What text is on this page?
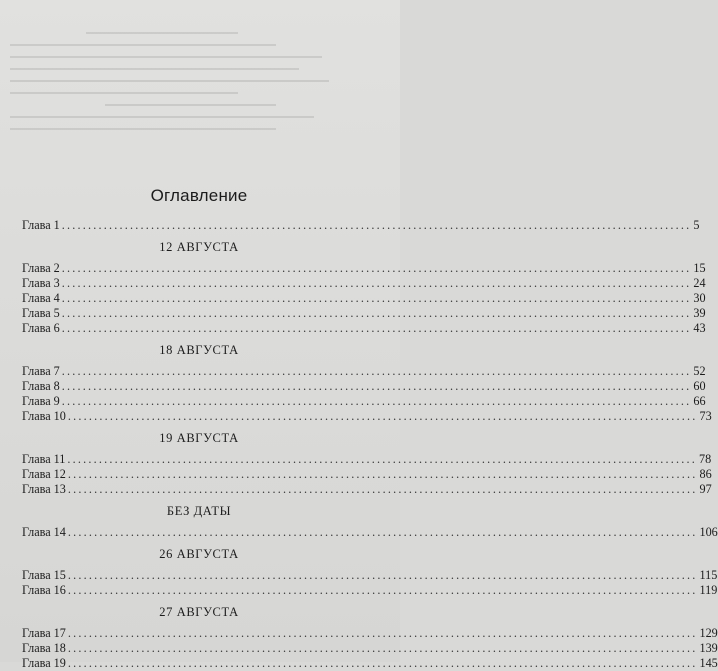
Оглавление
Глава 1 ........................................................................................................................ 5
12 АВГУСТА
Глава 2 ........................................................................................................................ 15
Глава 3 ........................................................................................................................ 24
Глава 4 ........................................................................................................................ 30
Глава 5 ........................................................................................................................ 39
Глава 6 ........................................................................................................................ 43
18 АВГУСТА
Глава 7 ........................................................................................................................ 52
Глава 8 ........................................................................................................................ 60
Глава 9 ........................................................................................................................ 66
Глава 10 ........................................................................................................................ 73
19 АВГУСТА
Глава 11 ........................................................................................................................ 78
Глава 12 ........................................................................................................................ 86
Глава 13 ........................................................................................................................ 97
БЕЗ ДАТЫ
Глава 14 ........................................................................................................................ 106
26 АВГУСТА
Глава 15 ........................................................................................................................ 115
Глава 16 ........................................................................................................................ 119
27 АВГУСТА
Глава 17 ........................................................................................................................ 129
Глава 18 ........................................................................................................................ 139
Глава 19 ........................................................................................................................ 145
